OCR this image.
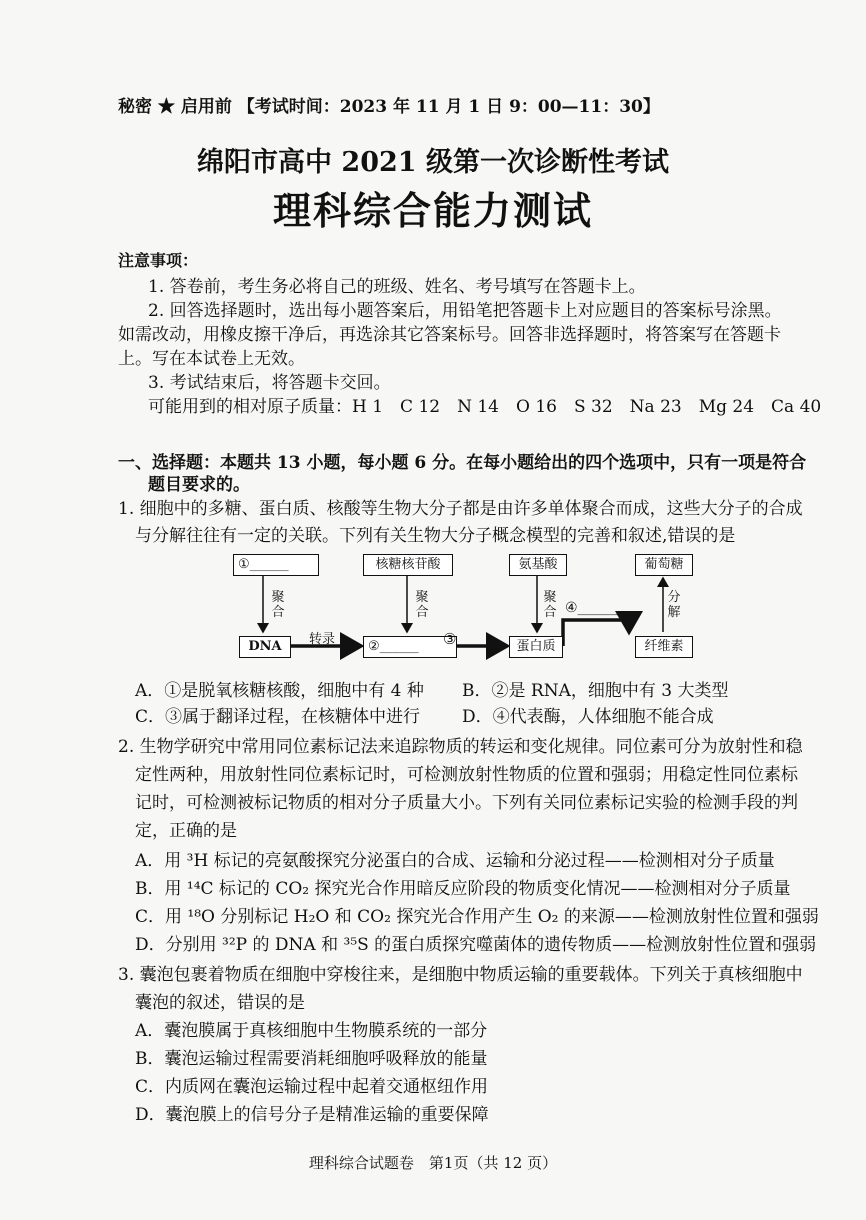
秘密 ★ 启用前 【考试时间：2023 年 11 月 1 日 9：00—11：30】
绵阳市高中 2021 级第一次诊断性考试
理科综合能力测试
注意事项：
1. 答卷前，考生务必将自己的班级、姓名、考号填写在答题卡上。
2. 回答选择题时，选出每小题答案后，用铅笔把答题卡上对应题目的答案标号涂黑。
如需改动，用橡皮擦干净后，再选涂其它答案标号。回答非选择题时，将答案写在答题卡
上。写在本试卷上无效。
3. 考试结束后，将答题卡交回。
可能用到的相对原子质量：H 1　C 12　N 14　O 16　S 32　Na 23　Mg 24　Ca 40
一、选择题：本题共 13 小题，每小题 6 分。在每小题给出的四个选项中，只有一项是符合
题目要求的。
1. 细胞中的多糖、蛋白质、核酸等生物大分子都是由许多单体聚合而成，这些大分子的合成
与分解往往有一定的关联。下列有关生物大分子概念模型的完善和叙述,错误的是
①______	核糖核苷酸	氨基酸	葡萄糖
DNA	②______	蛋白质	纤维素
聚合
聚合
聚合
分解
转录	③
④______
A．①是脱氧核糖核酸，细胞中有 4 种 B．②是 RNA，细胞中有 3 大类型
C．③属于翻译过程，在核糖体中进行 D．④代表酶，人体细胞不能合成
2. 生物学研究中常用同位素标记法来追踪物质的转运和变化规律。同位素可分为放射性和稳
定性两种，用放射性同位素标记时，可检测放射性物质的位置和强弱；用稳定性同位素标
记时，可检测被标记物质的相对分子质量大小。下列有关同位素标记实验的检测手段的判
定，正确的是
A．用 ³H 标记的亮氨酸探究分泌蛋白的合成、运输和分泌过程——检测相对分子质量
B．用 ¹⁴C 标记的 CO₂ 探究光合作用暗反应阶段的物质变化情况——检测相对分子质量
C．用 ¹⁸O 分别标记 H₂O 和 CO₂ 探究光合作用产生 O₂ 的来源——检测放射性位置和强弱
D．分别用 ³²P 的 DNA 和 ³⁵S 的蛋白质探究噬菌体的遗传物质——检测放射性位置和强弱
3. 囊泡包裹着物质在细胞中穿梭往来，是细胞中物质运输的重要载体。下列关于真核细胞中
囊泡的叙述，错误的是
A．囊泡膜属于真核细胞中生物膜系统的一部分
B．囊泡运输过程需要消耗细胞呼吸释放的能量
C．内质网在囊泡运输过程中起着交通枢纽作用
D．囊泡膜上的信号分子是精准运输的重要保障
理科综合试题卷　第1页（共 12 页）
